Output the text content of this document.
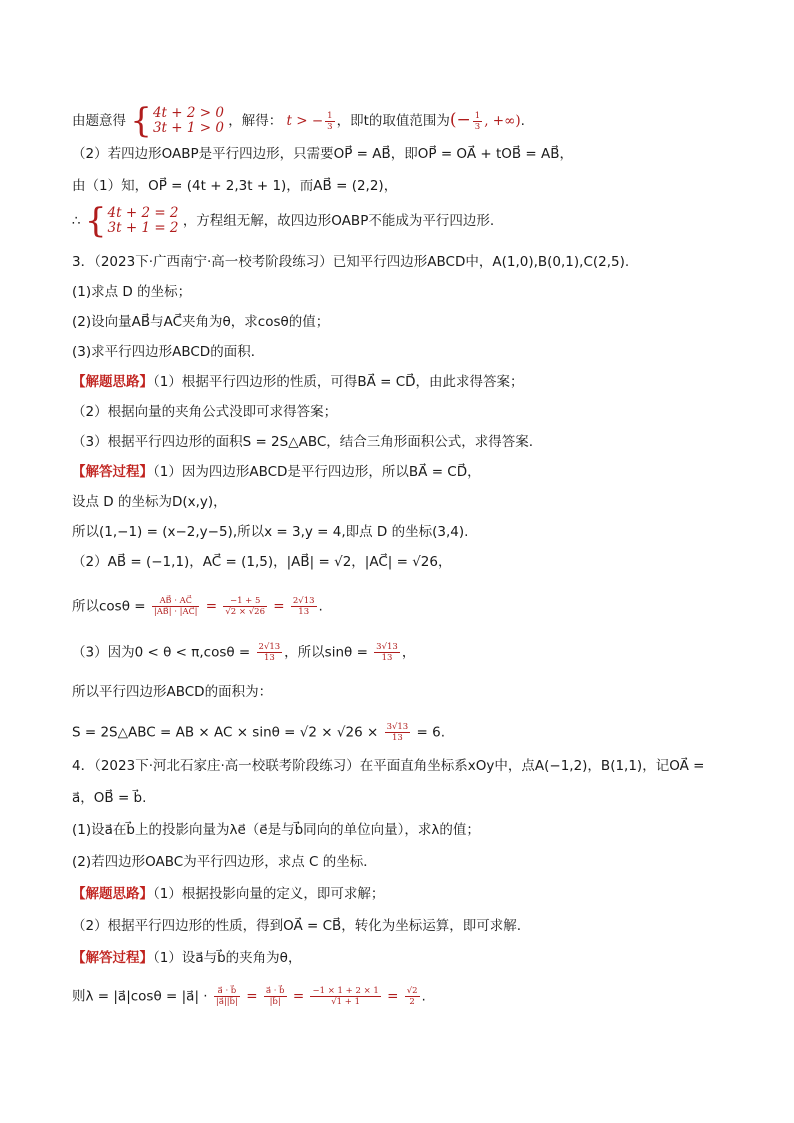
由题意得 { 4t + 2 > 0
3t + 1 > 0 ，解得： t > − $\frac{1}{3}$ ，即t的取值范围为(− $\frac{1}{3}$ , +∞).
（2）若四边形OABP是平行四边形，只需要OP⃗ = AB⃗，即OP⃗ = OA⃗ + tOB⃗ = AB⃗，
由（1）知，OP⃗ = (4t + 2,3t + 1)，而AB⃗ = (2,2)，
∴ { 4t + 2 = 2
3t + 1 = 2 ，方程组无解，故四边形OABP不能成为平行四边形.
3．（2023下·广西南宁·高一校考阶段练习）已知平行四边形ABCD中，A(1,0),B(0,1),C(2,5).
(1)求点 D 的坐标；
(2)设向量AB⃗与AC⃗夹角为θ，求cosθ的值；
(3)求平行四边形ABCD的面积．
【解题思路】（1）根据平行四边形的性质，可得BA⃗ = CD⃗，由此求得答案；
（2）根据向量的夹角公式没即可求得答案；
（3）根据平行四边形的面积S = 2S△ABC，结合三角形面积公式，求得答案.
【解答过程】（1）因为四边形ABCD是平行四边形，所以BA⃗ = CD⃗，
设点 D 的坐标为D(x,y)，
所以(1,−1) = (x−2,y−5),所以x = 3,y = 4,即点 D 的坐标(3,4).
（2）AB⃗ = (−1,1)，AC⃗ = (1,5)，|AB⃗| = √2，|AC⃗| = √26，
所以$\cos\theta = \frac{AB⃗ \cdot AC⃗}{|AB⃗| \cdot |AC⃗|} = \frac{-1 + 5}{√2 \times √26} = \frac{2√13}{13}$ .
（3）因为$0 < \theta < \pi,\cos\theta = \frac{2√13}{13}$ ，所以$\sin\theta = \frac{3√13}{13}$ ，
所以平行四边形ABCD的面积为：
S = 2S△ABC = AB × AC × $\sin\theta = √2 \times √26 \times \frac{3√13}{13} = 6$.
4．（2023下·河北石家庄·高一校联考阶段练习）在平面直角坐标系xOy中，点A(−1,2)，B(1,1)，记OA⃗ =
a⃗，OB⃗ = b⃗.
(1)设a⃗在b⃗上的投影向量为λe⃗（e⃗是与b⃗同向的单位向量），求λ的值；
(2)若四边形OABC为平行四边形，求点 C 的坐标．
【解题思路】（1）根据投影向量的定义，即可求解；
（2）根据平行四边形的性质，得到OA⃗ = CB⃗，转化为坐标运算，即可求解.
【解答过程】（1）设a⃗与b⃗的夹角为θ，
则λ = |a⃗|cosθ = |a⃗| · $\frac{a⃗ \cdot b⃗}{|a⃗||b⃗|} = \frac{a⃗ \cdot b⃗}{|b⃗|} = \frac{-1 \times 1 + 2 \times 1}{√1 + 1} = \frac{√2}{2}$ .
